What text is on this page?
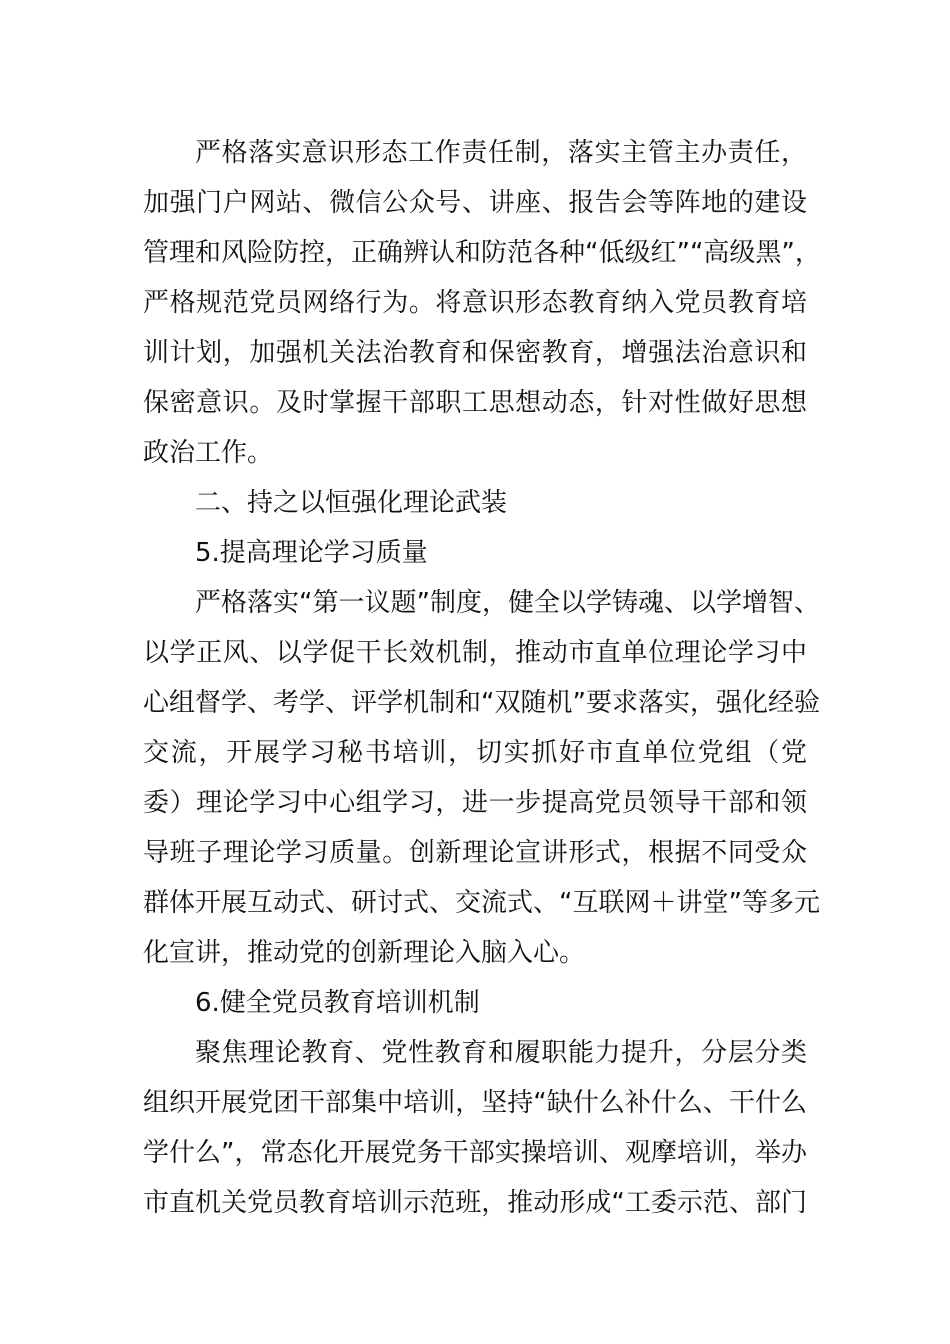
严格落实意识形态工作责任制，落实主管主办责任，
加强门户网站、微信公众号、讲座、报告会等阵地的建设
管理和风险防控，正确辨认和防范各种“低级红”“高级黑”，
严格规范党员网络行为。将意识形态教育纳入党员教育培
训计划，加强机关法治教育和保密教育，增强法治意识和
保密意识。及时掌握干部职工思想动态，针对性做好思想
政治工作。
二、持之以恒强化理论武装
5.提高理论学习质量
严格落实“第一议题”制度，健全以学铸魂、以学增智、
以学正风、以学促干长效机制，推动市直单位理论学习中
心组督学、考学、评学机制和“双随机”要求落实，强化经验
交流，开展学习秘书培训，切实抓好市直单位党组（党
委）理论学习中心组学习，进一步提高党员领导干部和领
导班子理论学习质量。创新理论宣讲形式，根据不同受众
群体开展互动式、研讨式、交流式、“互联网＋讲堂”等多元
化宣讲，推动党的创新理论入脑入心。
6.健全党员教育培训机制
聚焦理论教育、党性教育和履职能力提升，分层分类
组织开展党团干部集中培训，坚持“缺什么补什么、干什么
学什么”，常态化开展党务干部实操培训、观摩培训，举办
市直机关党员教育培训示范班，推动形成“工委示范、部门
